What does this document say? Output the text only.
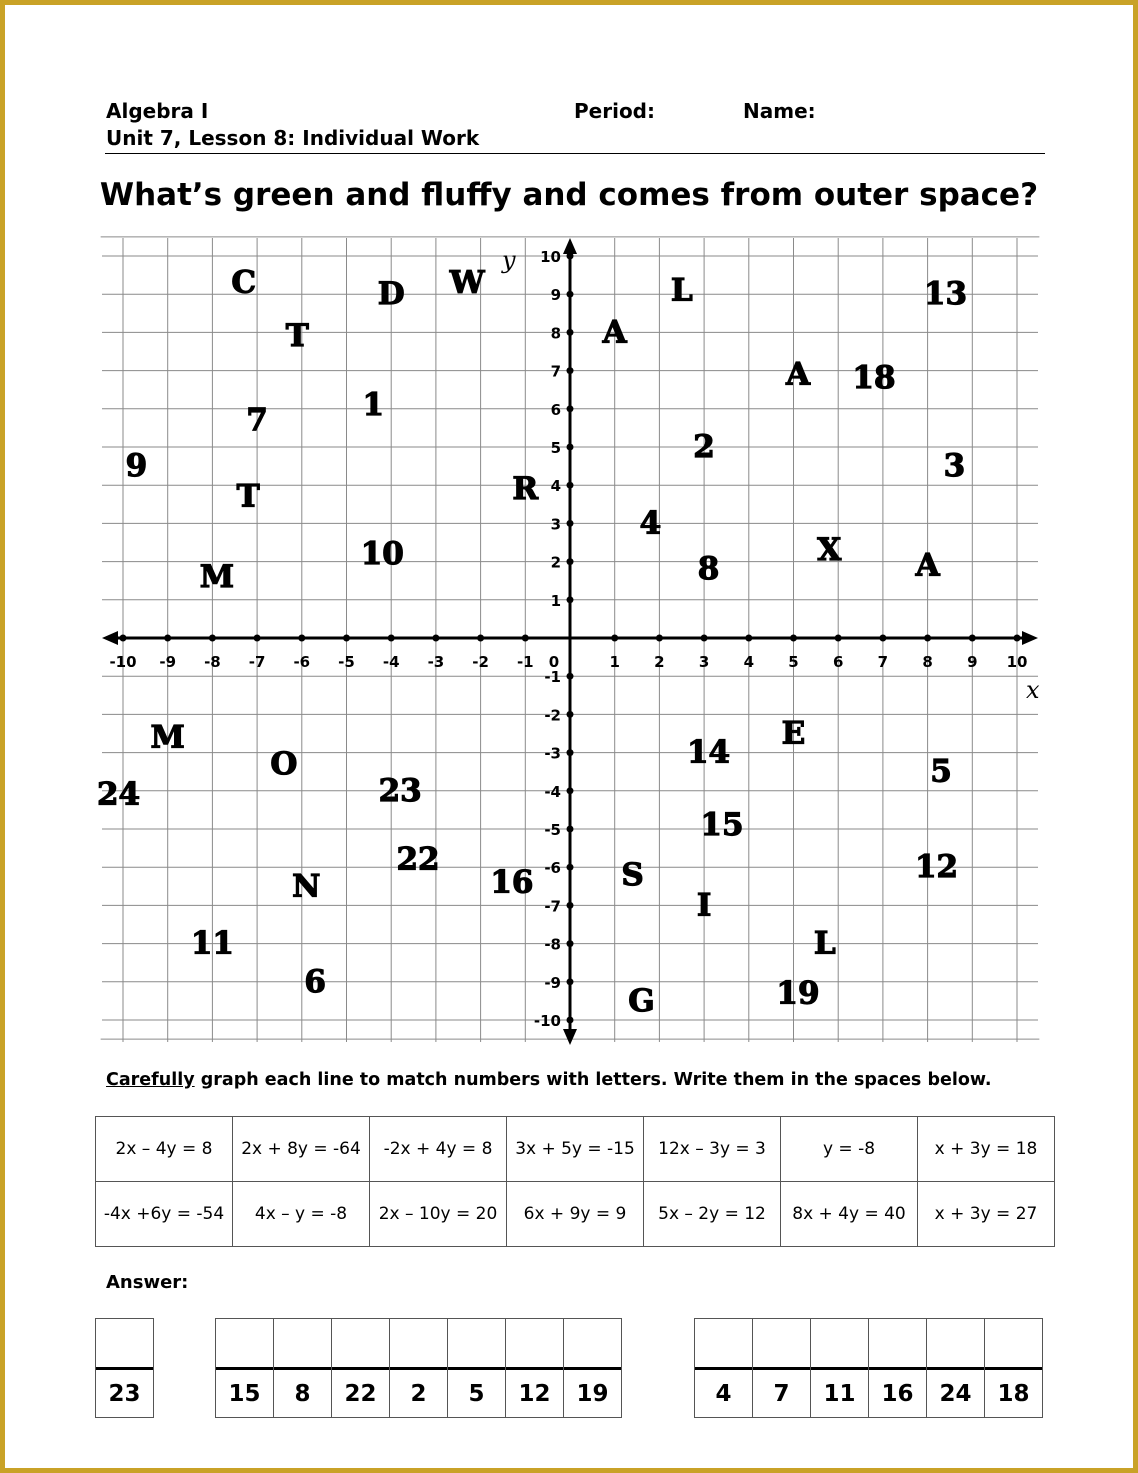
Algebra I
Unit 7, Lesson 8: Individual Work
Period:	Name:
What’s green and fluffy and comes from outer space?
-10 -9 -8 -7 -6 -5 -4 -3 -2 -1 0	1 2 3 4 5 6 7 8 9 10
10
9
8
7
6
5
4
3
2
1
-1
-2
-3
-4
-5
-6
-7
-8
-9
-10
x
y
C	W
D	L	13
T	A
A 18
7	1
2
9	3
T	R
4
10	X A
M	8
M	E
O	14
5
24	23
15
22
16	S	12
N
I
11	L
6	19
G
Carefully graph each line to match numbers with letters. Write them in the spaces below.
2x – 4y = 8	2x + 8y = -64	-2x + 4y = 8	3x + 5y = -15	12x – 3y = 3	y = -8	x + 3y = 18
-4x +6y = -54	4x – y = -8	2x – 10y = 20	6x + 9y = 9	5x – 2y = 12	8x + 4y = 40	x + 3y = 27
Answer:
23	15	8	22	2	5	12	19	4	7	11	16	24	18
